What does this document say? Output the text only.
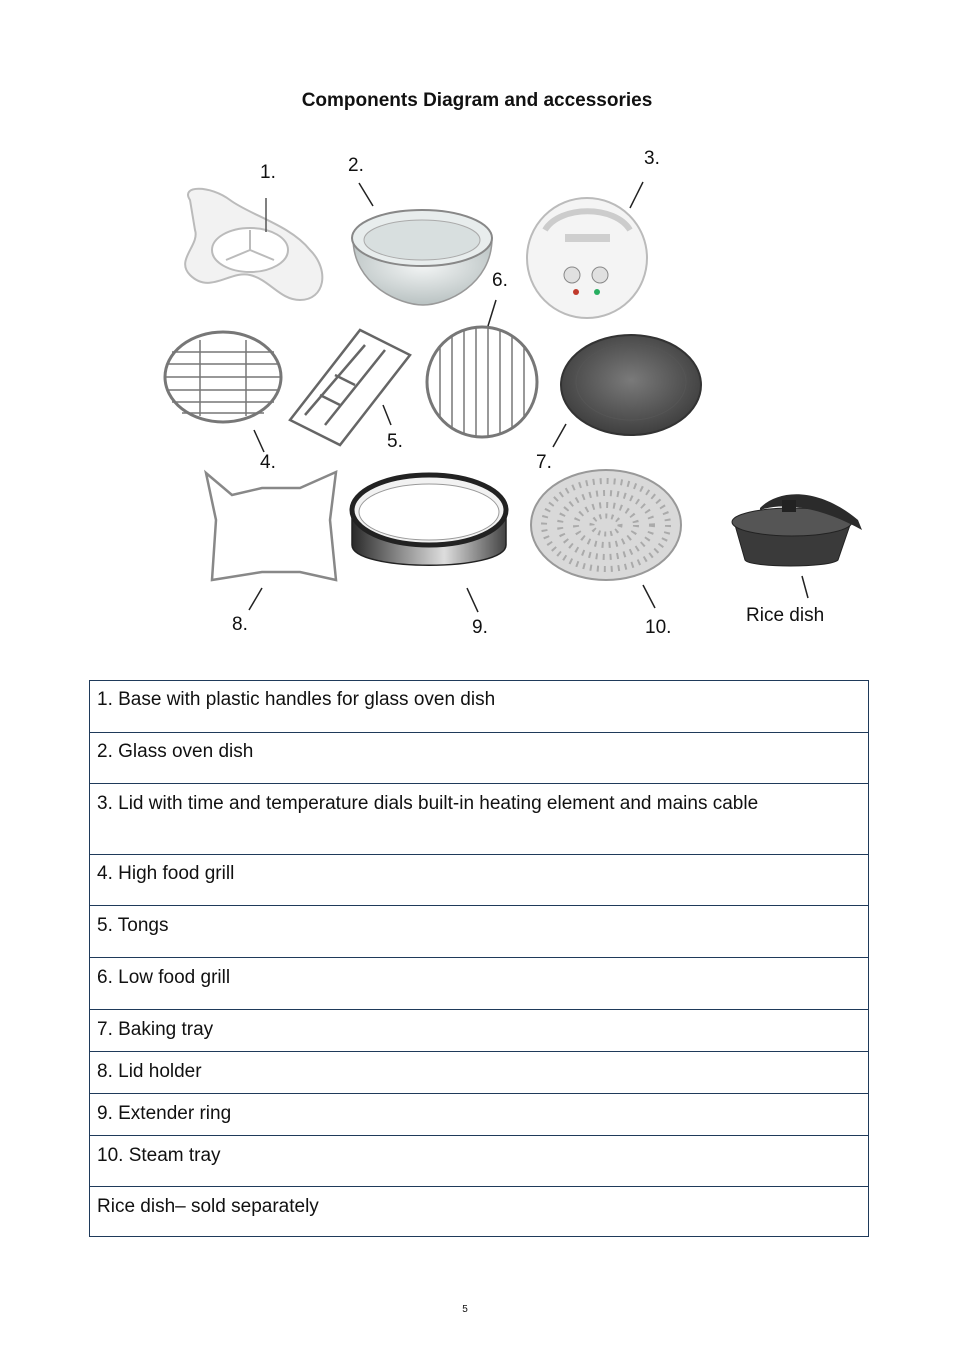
Components Diagram and accessories
1.	2.	3.
4.
5.
6.
7.
8.	9.	10.
Rice dish
1. Base with plastic handles for glass oven dish
2. Glass oven dish
3. Lid with time and temperature dials built-in heating element and mains cable
4. High food grill
5. Tongs
6. Low food grill
7. Baking tray
8. Lid holder
9. Extender ring
10. Steam tray
Rice dish– sold separately
5
